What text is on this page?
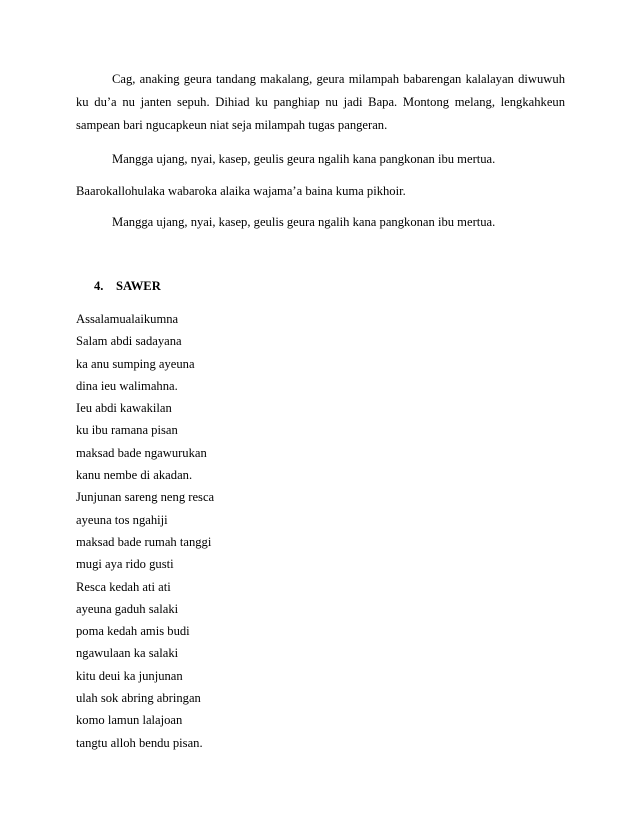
Cag, anaking geura tandang makalang, geura milampah babarengan kalalayan diwuwuh ku du’a nu janten sepuh. Dihiad ku panghiap nu jadi Bapa. Montong melang, lengkahkeun sampean bari ngucapkeun niat seja milampah tugas pangeran.

Mangga ujang, nyai, kasep, geulis geura ngalih kana pangkonan ibu mertua.

Baarokallohulaka wabaroka alaika wajama’a baina kuma pikhoir.

Mangga ujang, nyai, kasep, geulis geura ngalih kana pangkonan ibu mertua.

4. SAWER
Assalamualaikumna
Salam abdi sadayana
ka anu sumping ayeuna
dina ieu walimahna.
Ieu abdi kawakilan
ku ibu ramana pisan
maksad bade ngawurukan
kanu nembe di akadan.
Junjunan sareng neng resca
ayeuna tos ngahiji
maksad bade rumah tanggi
mugi aya rido gusti
Resca kedah ati ati
ayeuna gaduh salaki
poma kedah amis budi
ngawulaan ka salaki
kitu deui ka junjunan
ulah sok abring abringan
komo lamun lalajoan
tangtu alloh bendu pisan.
